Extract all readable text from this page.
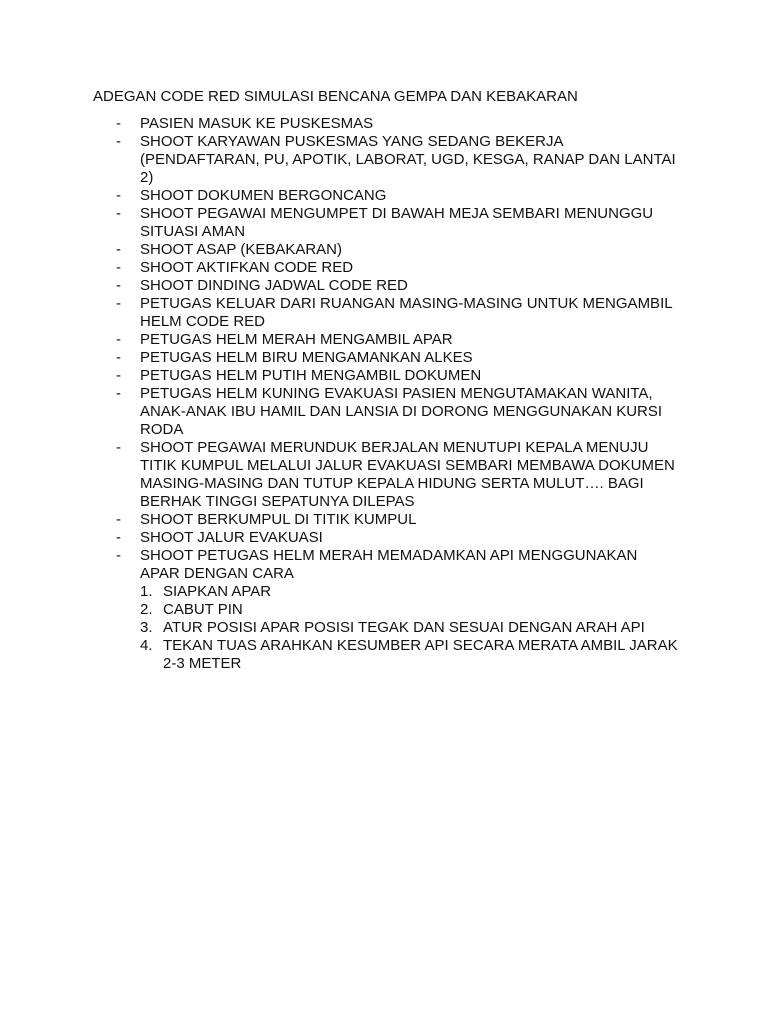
ADEGAN CODE RED SIMULASI BENCANA GEMPA DAN KEBAKARAN
- PASIEN MASUK KE PUSKESMAS
- SHOOT KARYAWAN PUSKESMAS YANG SEDANG BEKERJA (PENDAFTARAN, PU, APOTIK, LABORAT, UGD, KESGA, RANAP DAN LANTAI 2)
- SHOOT DOKUMEN BERGONCANG
- SHOOT PEGAWAI MENGUMPET DI BAWAH MEJA SEMBARI MENUNGGU SITUASI AMAN
- SHOOT ASAP (KEBAKARAN)
- SHOOT AKTIFKAN CODE RED
- SHOOT DINDING JADWAL CODE RED
- PETUGAS KELUAR DARI RUANGAN MASING-MASING UNTUK MENGAMBIL HELM CODE RED
- PETUGAS HELM MERAH MENGAMBIL APAR
- PETUGAS HELM BIRU MENGAMANKAN ALKES
- PETUGAS HELM PUTIH MENGAMBIL DOKUMEN
- PETUGAS HELM KUNING EVAKUASI PASIEN MENGUTAMAKAN WANITA, ANAK-ANAK IBU HAMIL DAN LANSIA DI DORONG MENGGUNAKAN KURSI RODA
- SHOOT PEGAWAI MERUNDUK BERJALAN MENUTUPI KEPALA MENUJU TITIK KUMPUL MELALUI JALUR EVAKUASI SEMBARI MEMBAWA DOKUMEN MASING-MASING DAN TUTUP KEPALA HIDUNG SERTA MULUT…. BAGI BERHAK TINGGI SEPATUNYA DILEPAS
- SHOOT BERKUMPUL DI TITIK KUMPUL
- SHOOT JALUR EVAKUASI
- SHOOT PETUGAS HELM MERAH MEMADAMKAN API MENGGUNAKAN APAR DENGAN CARA
1. SIAPKAN APAR
2. CABUT PIN
3. ATUR POSISI APAR POSISI TEGAK DAN SESUAI DENGAN ARAH API
4. TEKAN TUAS ARAHKAN KESUMBER API SECARA MERATA AMBIL JARAK 2-3 METER
